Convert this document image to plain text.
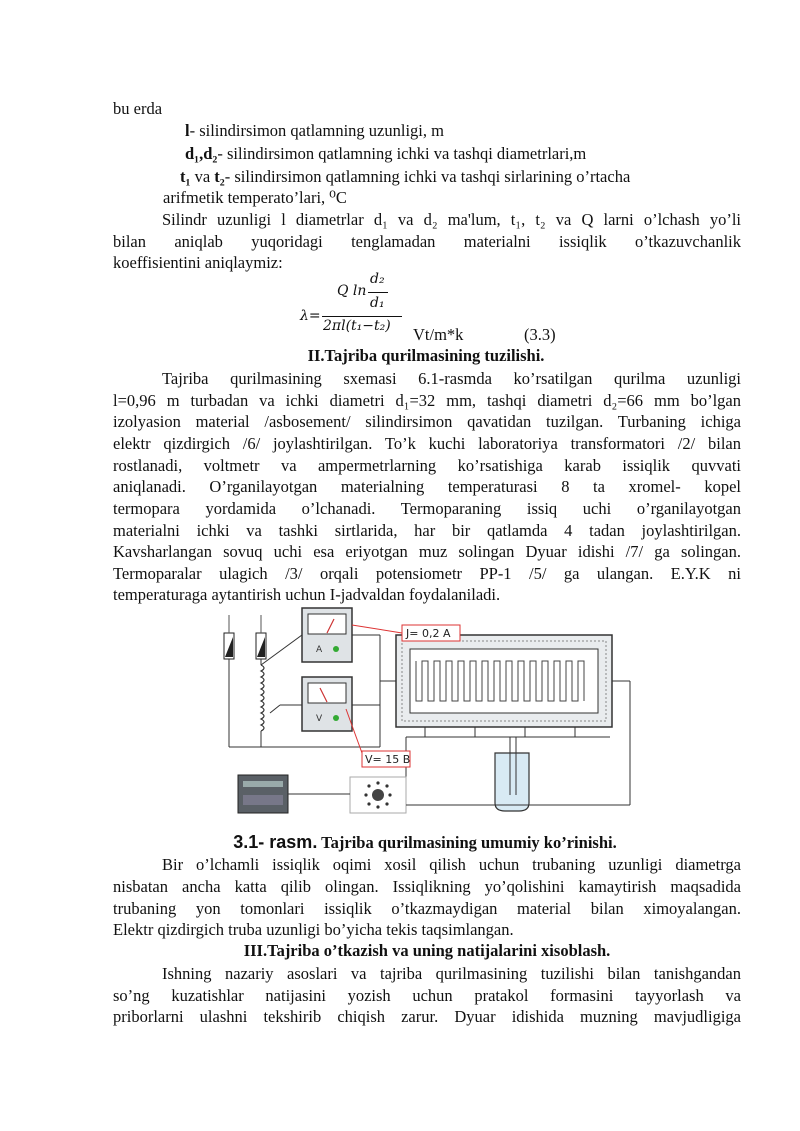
bu erda
l- silindirsimon qatlamning uzunligi, m
d₁,d₂- silindirsimon qatlamning ichki va tashqi diametrlari,m
t₁ va t₂- silindirsimon qatlamning ichki va tashqi sirlarining o’rtacha
arifmetik temperato’lari, ⁰C
Silindr uzunligi l diametrlar d₁ va d₂ ma'lum, t₁, t₂ va Q larni o’lchash yo’li
bilan aniqlab yuqoridagi tenglamadan materialni issiqlik o’tkazuvchanlik
koeffisientini aniqlaymiz:
Q ln
d₂
d₁
λ=
2πl(t₁−t₂) Vt/m*k	(3.3)
II.Tajriba qurilmasining tuzilishi.
Tajriba qurilmasining sxemasi 6.1-rasmda ko’rsatilgan qurilma uzunligi
l=0,96 m turbadan va ichki diametri d₁=32 mm, tashqi diametri d₂=66 mm bo’lgan
izolyasion material /asbosement/ silindirsimon qavatidan tuzilgan. Turbaning ichiga
elektr qizdirgich /6/ joylashtirilgan. To’k kuchi laboratoriya transformatori /2/ bilan
rostlanadi, voltmetr va ampermetrlarning ko’rsatishiga karab issiqlik quvvati
aniqlanadi. O’rganilayotgan materialning temperaturasi 8 ta xromel- kopel
termopara yordamida o’lchanadi. Termoparaning issiq uchi o’rganilayotgan
materialni ichki va tashki sirtlarida, har bir qatlamda 4 tadan joylashtirilgan.
Kavsharlangan sovuq uchi esa eriyotgan muz solingan Dyuar idishi /7/ ga solingan.
Termoparalar ulagich /3/ orqali potensiometr PP-1 /5/ ga ulangan. E.Y.K ni
temperaturaga aytantirish uchun I-jadvaldan foydalaniladi.
A
V
J= 0,2 A
V= 15 B
3.1- rasm. Tajriba qurilmasining umumiy ko’rinishi.
Bir o’lchamli issiqlik oqimi xosil qilish uchun trubaning uzunligi diametrga
nisbatan ancha katta qilib olingan. Issiqlikning yo’qolishini kamaytirish maqsadida
trubaning yon tomonlari issiqlik o’tkazmaydigan material bilan ximoyalangan.
Elektr qizdirgich truba uzunligi bo’yicha tekis taqsimlangan.
III.Tajriba o’tkazish va uning natijalarini xisoblash.
Ishning nazariy asoslari va tajriba qurilmasining tuzilishi bilan tanishgandan
so’ng kuzatishlar natijasini yozish uchun pratakol formasini tayyorlash va
priborlarni ulashni tekshirib chiqish zarur. Dyuar idishida muzning mavjudligiga
